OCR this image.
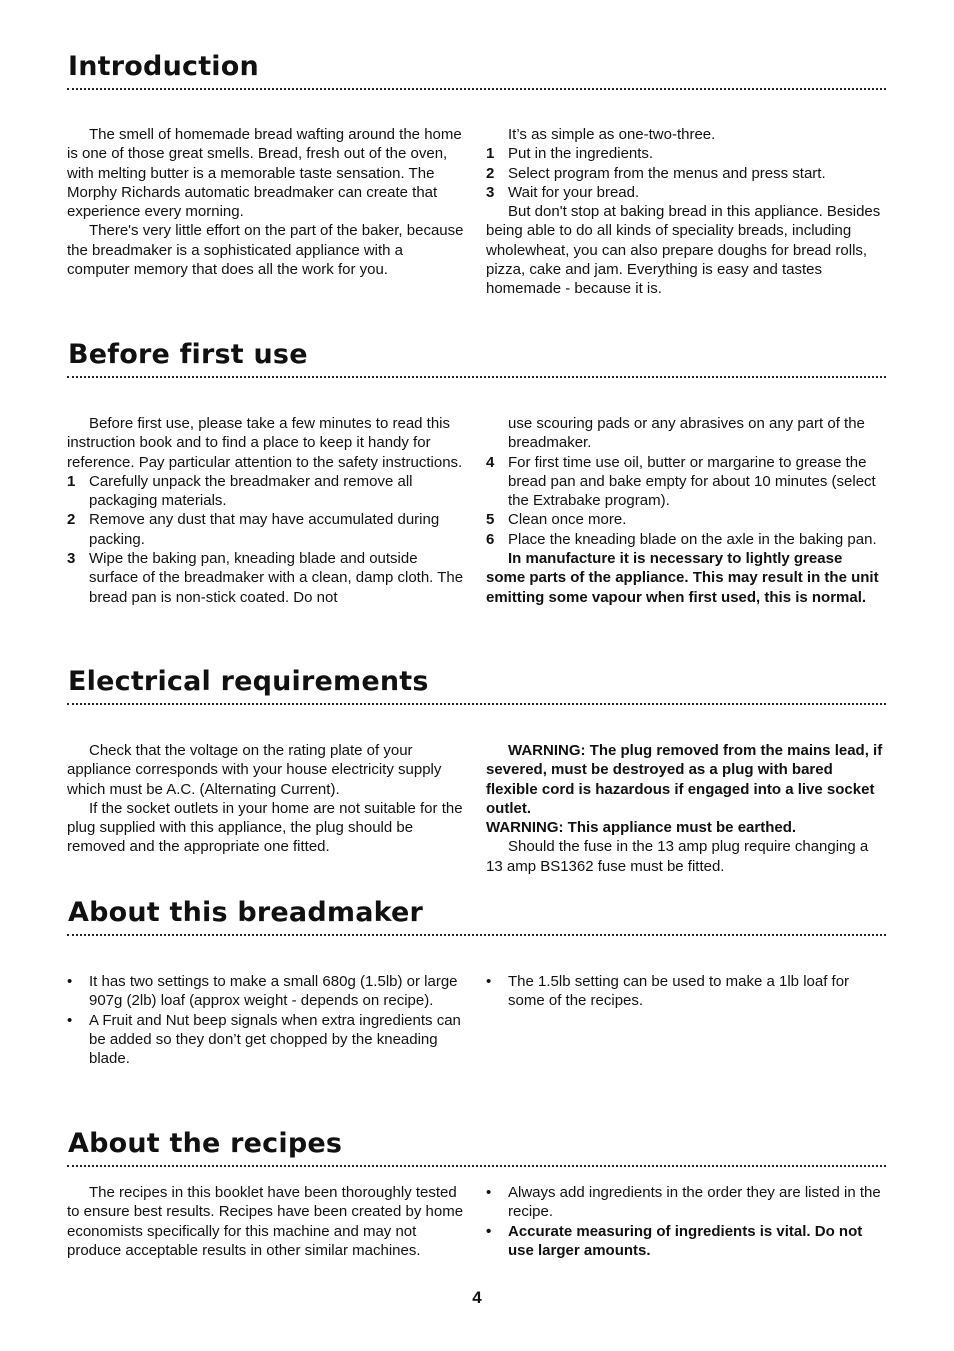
Introduction

The smell of homemade bread wafting around the home is one of those great smells. Bread, fresh out of the oven, with melting butter is a memorable taste sensation. The Morphy Richards automatic breadmaker can create that experience every morning.

There's very little effort on the part of the baker, because the breadmaker is a sophisticated appliance with a computer memory that does all the work for you.

It’s as simple as one-two-three.

1 Put in the ingredients.
2 Select program from the menus and press start.
3 Wait for your bread.

But don't stop at baking bread in this appliance. Besides being able to do all kinds of speciality breads, including wholewheat, you can also prepare doughs for bread rolls, pizza, cake and jam. Everything is easy and tastes homemade - because it is.

Before first use

Before first use, please take a few minutes to read this instruction book and to find a place to keep it handy for reference. Pay particular attention to the safety instructions.

1 Carefully unpack the breadmaker and remove all packaging materials.
2 Remove any dust that may have accumulated during packing.
3 Wipe the baking pan, kneading blade and outside surface of the breadmaker with a clean, damp cloth. The bread pan is non-stick coated. Do not

use scouring pads or any abrasives on any part of the breadmaker.

4 For first time use oil, butter or margarine to grease the bread pan and bake empty for about 10 minutes (select the Extrabake program).
5 Clean once more.
6 Place the kneading blade on the axle in the baking pan.

In manufacture it is necessary to lightly grease some parts of the appliance. This may result in the unit emitting some vapour when first used, this is normal.

Electrical requirements

Check that the voltage on the rating plate of your appliance corresponds with your house electricity supply which must be A.C. (Alternating Current).

If the socket outlets in your home are not suitable for the plug supplied with this appliance, the plug should be removed and the appropriate one fitted.

WARNING: The plug removed from the mains lead, if severed, must be destroyed as a plug with bared flexible cord is hazardous if engaged into a live socket outlet.

WARNING: This appliance must be earthed.

Should the fuse in the 13 amp plug require changing a 13 amp BS1362 fuse must be fitted.

About this breadmaker
• It has two settings to make a small 680g (1.5lb) or large 907g (2lb) loaf (approx weight - depends on recipe).
• A Fruit and Nut beep signals when extra ingredients can be added so they don’t get chopped by the kneading blade.
• The 1.5lb setting can be used to make a 1lb loaf for some of the recipes.
About the recipes

The recipes in this booklet have been thoroughly tested to ensure best results. Recipes have been created by home economists specifically for this machine and may not produce acceptable results in other similar machines.

• Always add ingredients in the order they are listed in the recipe.
• Accurate measuring of ingredients is vital. Do not use larger amounts.
4
